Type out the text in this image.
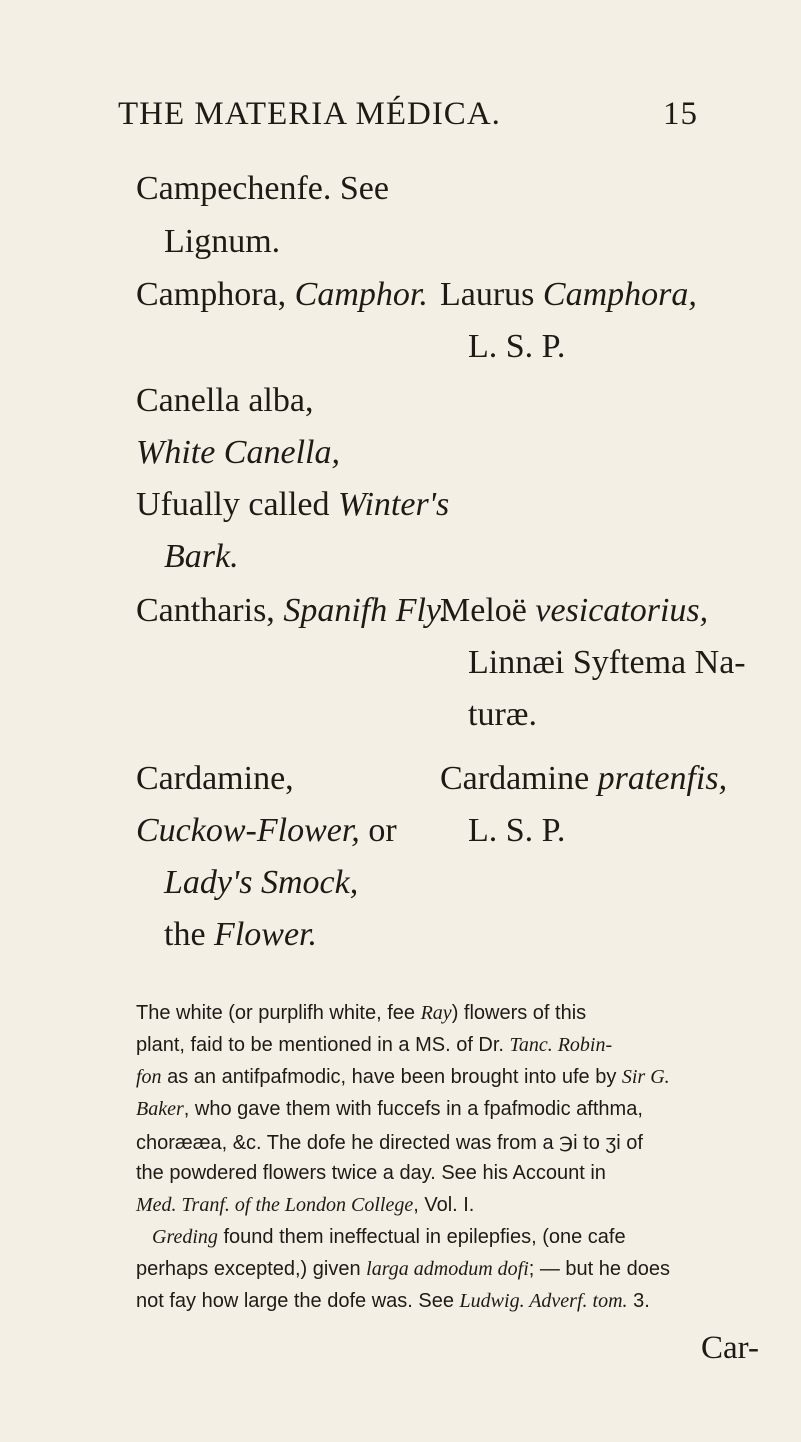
THE MATERIA MÉDICA.	15
Campechenfe. See
Lignum.
Camphora, Camphor. Laurus Camphora,
L. S. P.
Canella alba,
White Canella,
Ufually called Winter's
Bark.
Cantharis, Spanifh Fly.
Meloë vesicatorius,
Linnæi Syftema Na-
turæ.
Cardamine,	Cardamine pratenfis,
Cuckow-Flower, or L. S. P.
Lady's Smock,
the Flower.
The white (or purplifh white, fee Ray) flowers of this
plant, faid to be mentioned in a MS. of Dr. Tanc. Robin-
fon as an antifpafmodic, have been brought into ufe by Sir G.
Baker, who gave them with fuccefs in a fpafmodic afthma,
chorææa, &c. The dofe he directed was from a ℈i to ʒi of
the powdered flowers twice a day. See his Account in
Med. Tranf. of the London College, Vol. I.
Greding found them ineffectual in epilepfies, (one cafe
perhaps excepted,) given larga admodum dofi; — but he does
not fay how large the dofe was. See Ludwig. Adverf. tom. 3.
Car-
